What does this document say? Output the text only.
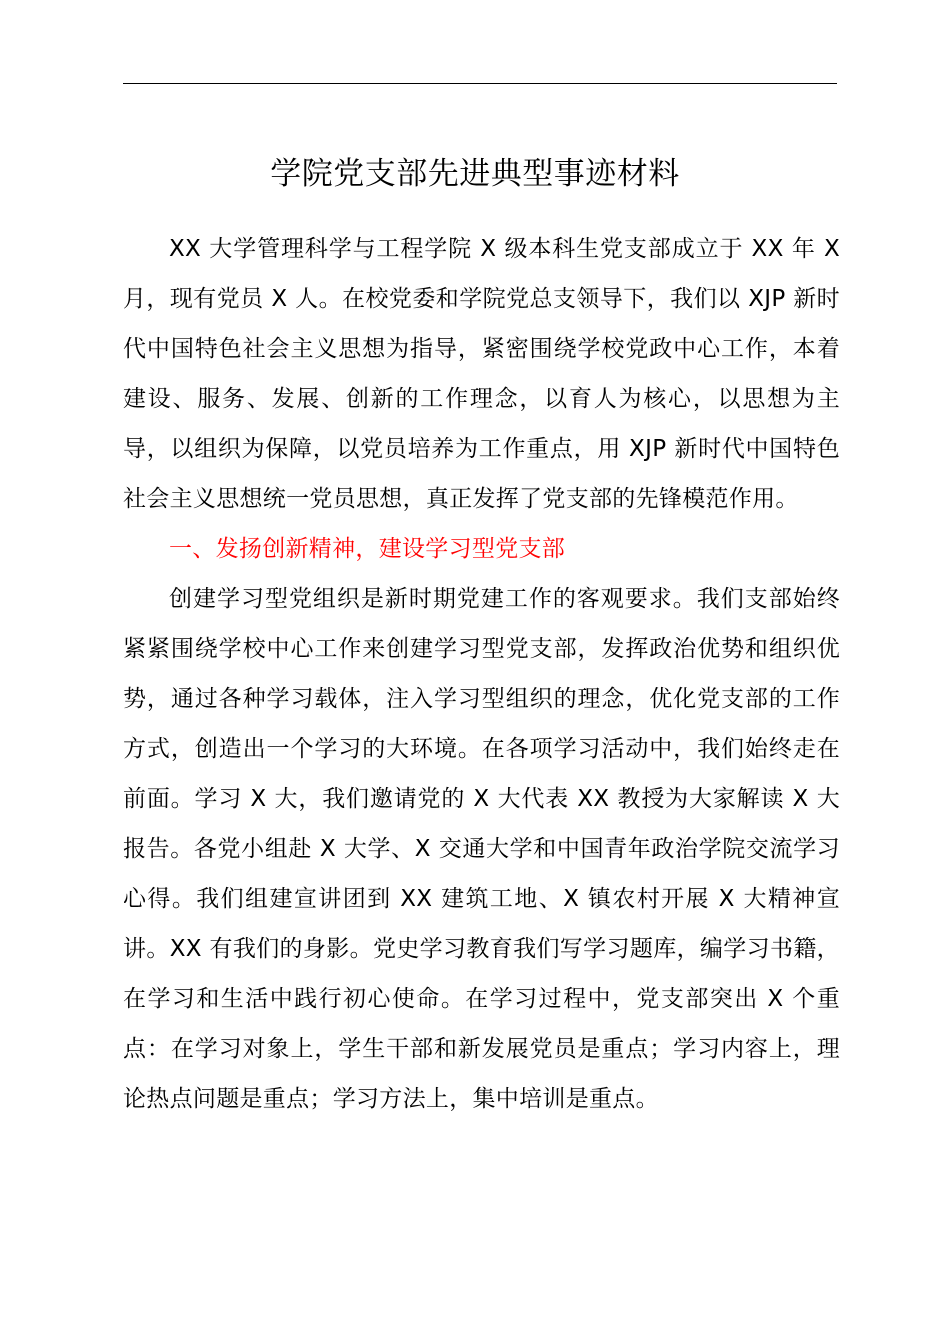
学院党支部先进典型事迹材料

XX 大学管理科学与工程学院 X 级本科生党支部成立于 XX 年 X 月，现有党员 X 人。在校党委和学院党总支领导下，我们以 XJP 新时代中国特色社会主义思想为指导，紧密围绕学校党政中心工作，本着建设、服务、发展、创新的工作理念，以育人为核心，以思想为主导，以组织为保障，以党员培养为工作重点，用 XJP 新时代中国特色社会主义思想统一党员思想，真正发挥了党支部的先锋模范作用。

一、发扬创新精神，建设学习型党支部

创建学习型党组织是新时期党建工作的客观要求。我们支部始终紧紧围绕学校中心工作来创建学习型党支部，发挥政治优势和组织优势，通过各种学习载体，注入学习型组织的理念，优化党支部的工作方式，创造出一个学习的大环境。在各项学习活动中，我们始终走在前面。学习 X 大，我们邀请党的 X 大代表 XX 教授为大家解读 X 大报告。各党小组赴 X 大学、X 交通大学和中国青年政治学院交流学习心得。我们组建宣讲团到 XX 建筑工地、X 镇农村开展 X 大精神宣讲。XX 有我们的身影。党史学习教育我们写学习题库，编学习书籍，在学习和生活中践行初心使命。在学习过程中，党支部突出 X 个重点：在学习对象上，学生干部和新发展党员是重点；学习内容上，理论热点问题是重点；学习方法上，集中培训是重点。
